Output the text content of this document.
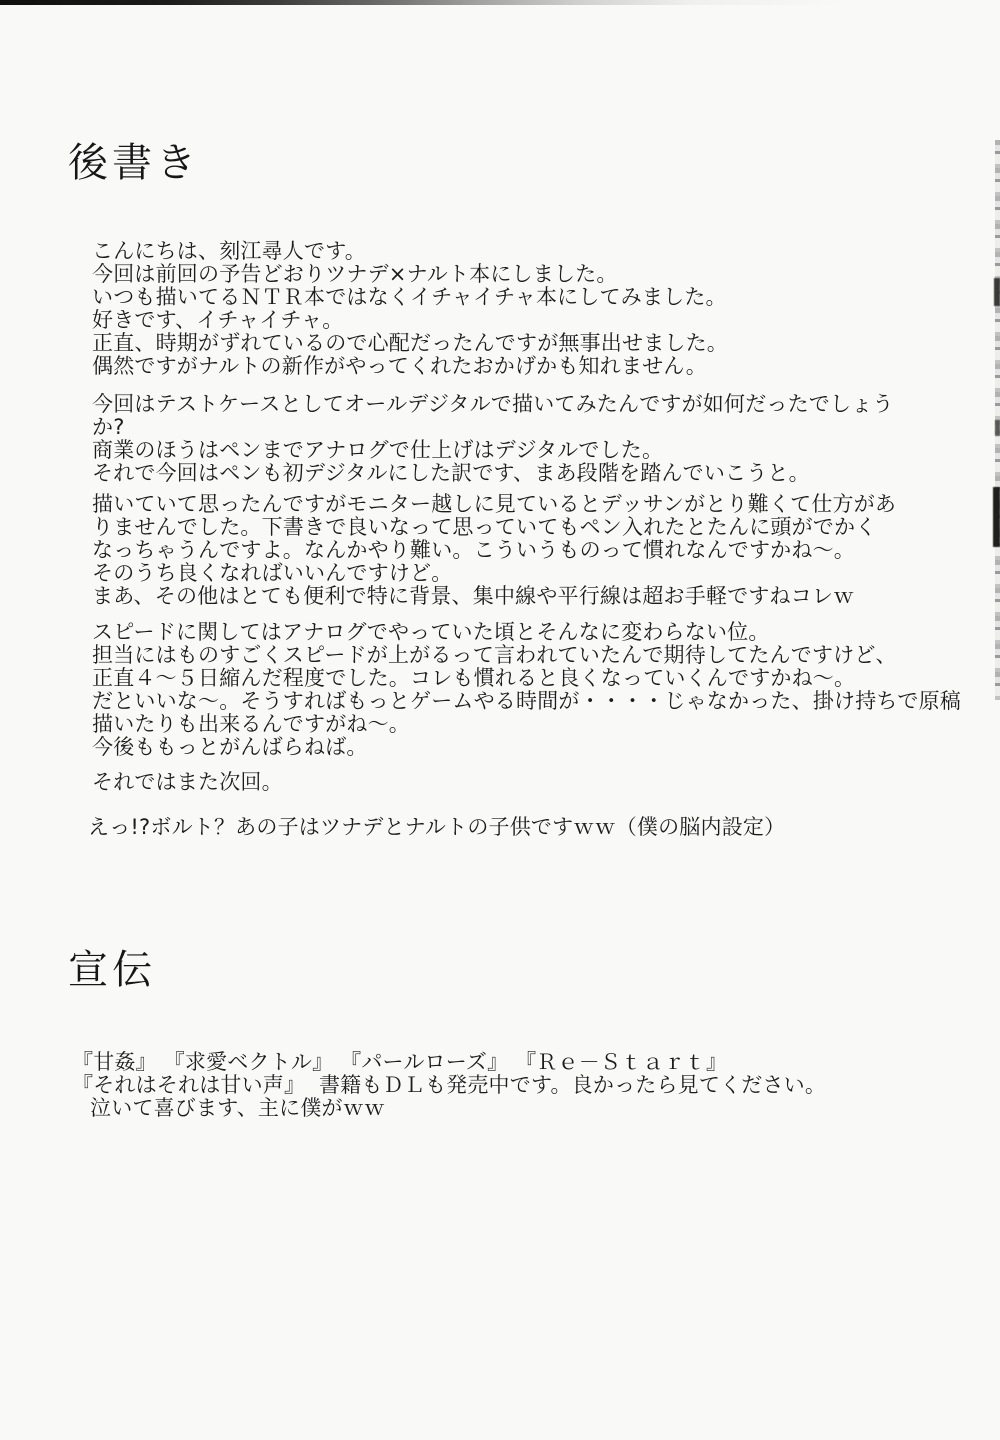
後書き
こんにちは、刻江尋人です。
今回は前回の予告どおりツナデ×ナルト本にしました。
いつも描いてるＮＴＲ本ではなくイチャイチャ本にしてみました。
好きです、イチャイチャ。
正直、時期がずれているので心配だったんですが無事出せました。
偶然ですがナルトの新作がやってくれたおかげかも知れません。
今回はテストケースとしてオールデジタルで描いてみたんですが如何だったでしょう
か?
商業のほうはペンまでアナログで仕上げはデジタルでした。
それで今回はペンも初デジタルにした訳です、まあ段階を踏んでいこうと。
描いていて思ったんですがモニター越しに見ているとデッサンがとり難くて仕方があ
りませんでした。下書きで良いなって思っていてもペン入れたとたんに頭がでかく
なっちゃうんですよ。なんかやり難い。こういうものって慣れなんですかね～。
そのうち良くなればいいんですけど。
まあ、その他はとても便利で特に背景、集中線や平行線は超お手軽ですねコレｗ
スピードに関してはアナログでやっていた頃とそんなに変わらない位。
担当にはものすごくスピードが上がるって言われていたんで期待してたんですけど、
正直４～５日縮んだ程度でした。コレも慣れると良くなっていくんですかね～。
だといいな～。そうすればもっとゲームやる時間が・・・・じゃなかった、掛け持ちで原稿
描いたりも出来るんですがね～。
今後ももっとがんばらねば。
それではまた次回。
えっ!?ボルト？あの子はツナデとナルトの子供ですｗｗ（僕の脳内設定）
宣伝
『甘姦』 『求愛ベクトル』 『パールローズ』 『Ｒｅ－Ｓｔａｒｔ』
『それはそれは甘い声』  書籍もＤＬも発売中です。良かったら見てください。
泣いて喜びます、主に僕がｗｗ
